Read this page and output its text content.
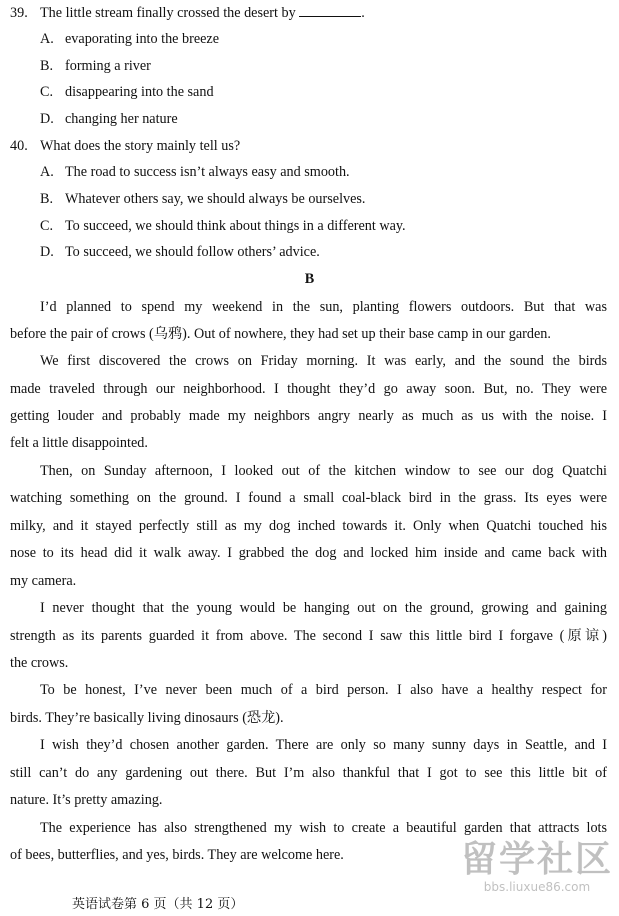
39. The little stream finally crossed the desert by	.
A. evaporating into the breeze
B. forming a river
C. disappearing into the sand
D. changing her nature
40. What does the story mainly tell us?
A. The road to success isn’t always easy and smooth.
B. Whatever others say, we should always be ourselves.
C. To succeed, we should think about things in a different way.
D. To succeed, we should follow others’ advice.
B
I’d planned to spend my weekend in the sun, planting flowers outdoors. But that was
before the pair of crows (乌鸦). Out of nowhere, they had set up their base camp in our garden.
We first discovered the crows on Friday morning. It was early, and the sound the birds
made traveled through our neighborhood. I thought they’d go away soon. But, no. They were
getting louder and probably made my neighbors angry nearly as much as us with the noise. I
felt a little disappointed.
Then, on Sunday afternoon, I looked out of the kitchen window to see our dog Quatchi
watching something on the ground. I found a small coal-black bird in the grass. Its eyes were
milky, and it stayed perfectly still as my dog inched towards it. Only when Quatchi touched his
nose to its head did it walk away. I grabbed the dog and locked him inside and came back with
my camera.
I never thought that the young would be hanging out on the ground, growing and gaining
strength as its parents guarded it from above. The second I saw this little bird I forgave (原谅)
the crows.
To be honest, I’ve never been much of a bird person. I also have a healthy respect for
birds. They’re basically living dinosaurs (恐龙).
I wish they’d chosen another garden. There are only so many sunny days in Seattle, and I
still can’t do any gardening out there. But I’m also thankful that I got to see this little bit of
nature. It’s pretty amazing.
The experience has also strengthened my wish to create a beautiful garden that attracts lots
of bees, butterflies, and yes, birds. They are welcome here.
英语试卷第 6 页（共 12 页）
留学社区
bbs.liuxue86.com
